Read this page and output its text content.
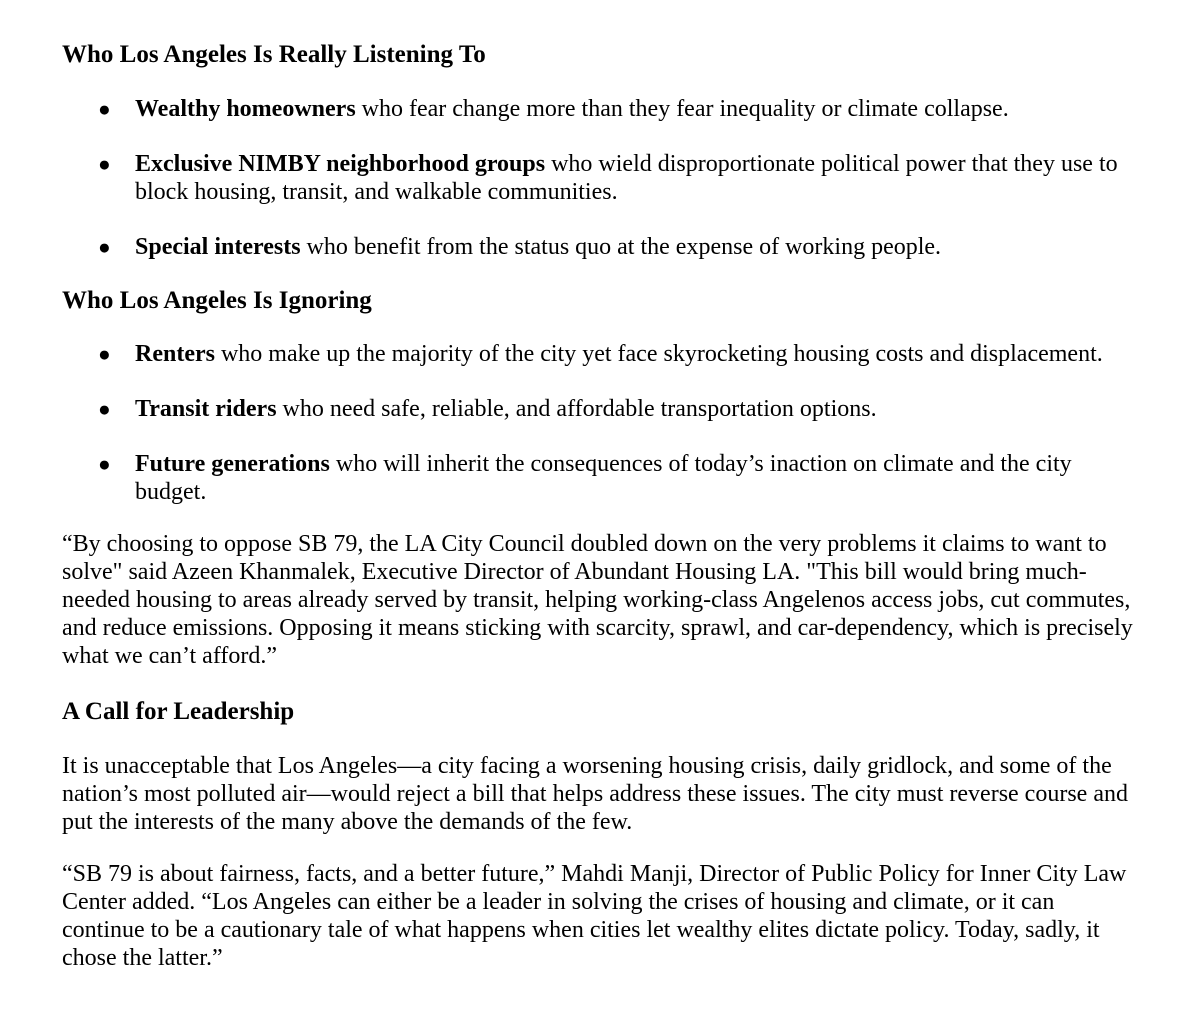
Who Los Angeles Is Really Listening To
● Wealthy homeowners who fear change more than they fear inequality or climate collapse.
● Exclusive NIMBY neighborhood groups who wield disproportionate political power that they use to block housing, transit, and walkable communities.
● Special interests who benefit from the status quo at the expense of working people.
Who Los Angeles Is Ignoring
● Renters who make up the majority of the city yet face skyrocketing housing costs and displacement.
● Transit riders who need safe, reliable, and affordable transportation options.
● Future generations who will inherit the consequences of today’s inaction on climate and the city budget.

“By choosing to oppose SB 79, the LA City Council doubled down on the very problems it claims to want to solve" said Azeen Khanmalek, Executive Director of Abundant Housing LA. "This bill would bring much-needed housing to areas already served by transit, helping working-class Angelenos access jobs, cut commutes, and reduce emissions. Opposing it means sticking with scarcity, sprawl, and car-dependency, which is precisely what we can’t afford.”

A Call for Leadership

It is unacceptable that Los Angeles—a city facing a worsening housing crisis, daily gridlock, and some of the nation’s most polluted air—would reject a bill that helps address these issues. The city must reverse course and put the interests of the many above the demands of the few.

“SB 79 is about fairness, facts, and a better future,” Mahdi Manji, Director of Public Policy for Inner City Law Center added. “Los Angeles can either be a leader in solving the crises of housing and climate, or it can continue to be a cautionary tale of what happens when cities let wealthy elites dictate policy. Today, sadly, it chose the latter.”
